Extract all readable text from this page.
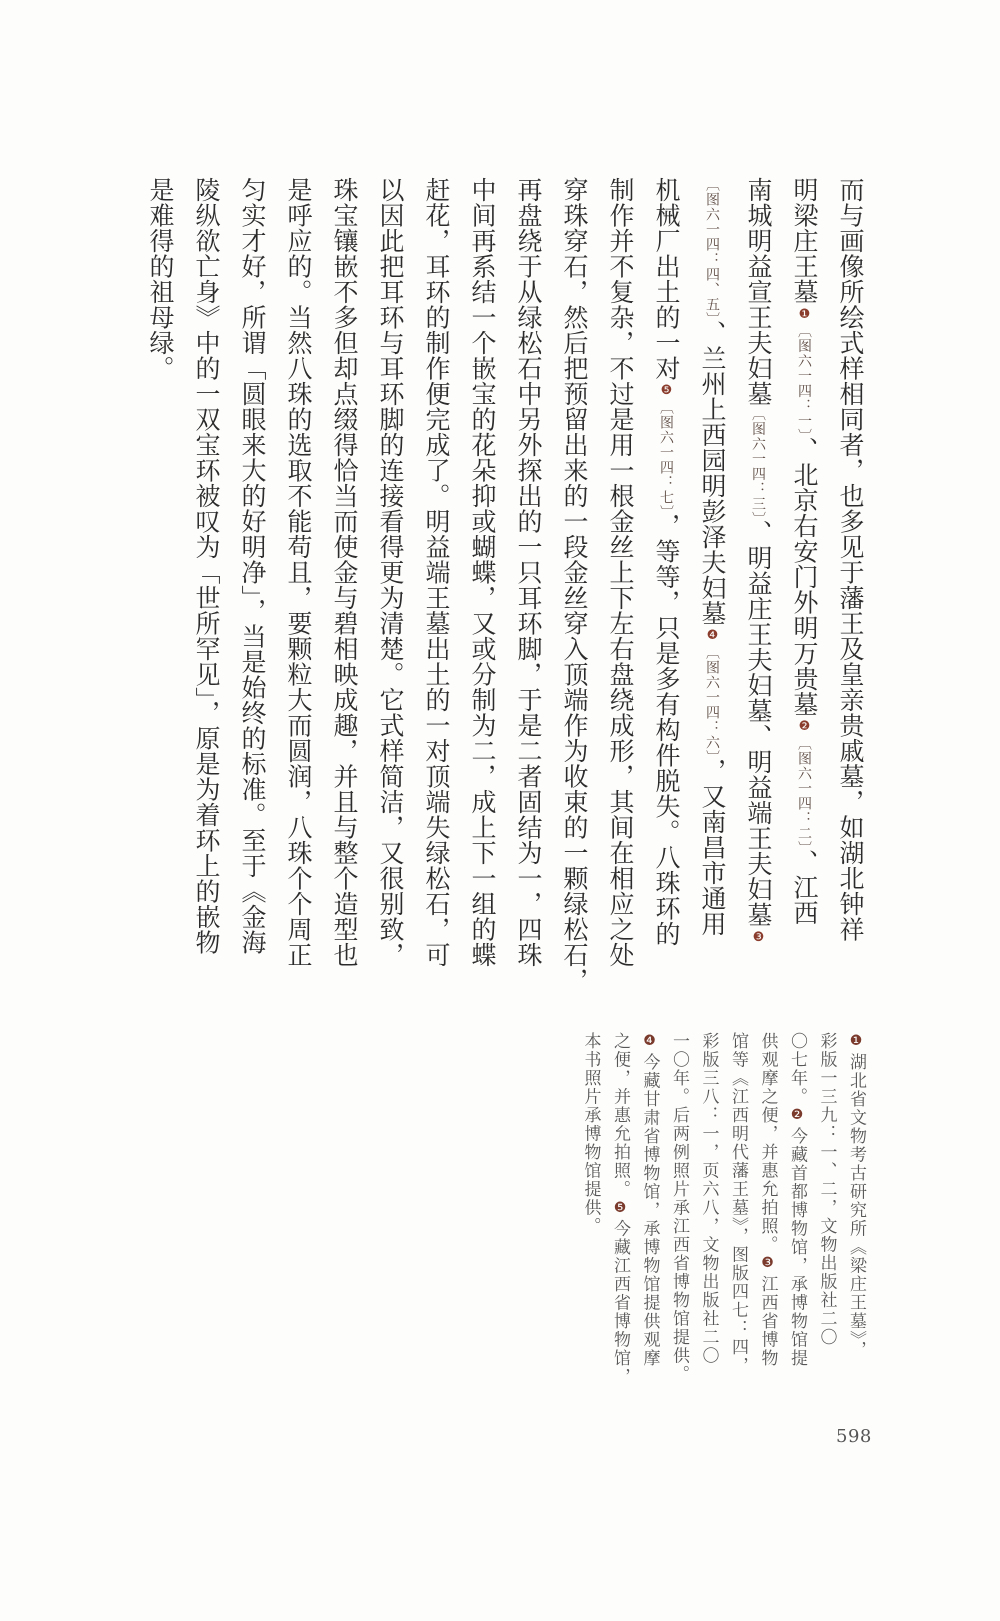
而与画像所绘式样相同者，也多见于藩王及皇亲贵戚墓，如湖北钟祥
明梁庄王墓❶〔图六一四：一〕、北京右安门外明万贵墓❷〔图六一四：二〕、江西
南城明益宣王夫妇墓〔图六一四：三〕、明益庄王夫妇墓、明益端王夫妇墓❸
〔图六一四：四、五〕、兰州上西园明彭泽夫妇墓❹〔图六一四：六〕，又南昌市通用
机械厂出土的一对❺〔图六一四：七〕，等等，只是多有构件脱失。八珠环的
制作并不复杂，不过是用一根金丝上下左右盘绕成形，其间在相应之处
穿珠穿石，然后把预留出来的一段金丝穿入顶端作为收束的一颗绿松石，
再盘绕于从绿松石中另外探出的一只耳环脚，于是二者固结为一，四珠
中间再系结一个嵌宝的花朵抑或蝴蝶，又或分制为二，成上下一组的蝶
赶花，耳环的制作便完成了。明益端王墓出土的一对顶端失绿松石，可
以因此把耳环与耳环脚的连接看得更为清楚。它式样简洁，又很别致，
珠宝镶嵌不多但却点缀得恰当而使金与碧相映成趣，并且与整个造型也
是呼应的。当然八珠的选取不能苟且，要颗粒大而圆润，八珠个个周正
匀实才好，所谓「圆眼来大的好明净」，当是始终的标准。至于《金海
陵纵欲亡身》中的一双宝环被叹为「世所罕见」，原是为着环上的嵌物
是难得的祖母绿。
❶湖北省文物考古研究所《梁庄王墓》，
彩版一三九：一、二，文物出版社二〇
〇七年。❷今藏首都博物馆，承博物馆提
供观摩之便，并惠允拍照。❸江西省博物
馆等《江西明代藩王墓》，图版四七：四，
彩版三八：一，页六八，文物出版社二〇
一〇年。后两例照片承江西省博物馆提供。
❹今藏甘肃省博物馆，承博物馆提供观摩
之便，并惠允拍照。❺今藏江西省博物馆，
本书照片承博物馆提供。
598
